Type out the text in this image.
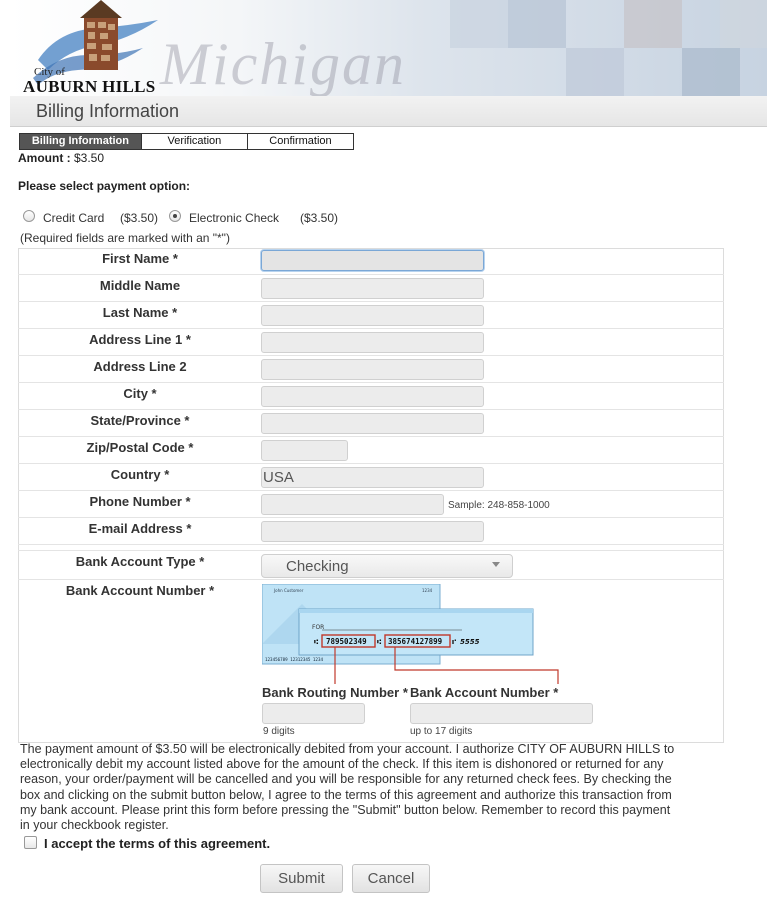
Michigan
City of
AUBURN HILLS
Billing Information
Billing Information	Verification	Confirmation
Amount : $3.50
Please select payment option:
Credit Card ($3.50)	Electronic Check ($3.50)
(Required fields are marked with an "*")
First Name *
Middle Name
Last Name *
Address Line 1 *
Address Line 2
City *
State/Province *
Zip/Postal Code *
Country *	USA
Phone Number *	Sample: 248-858-1000
E-mail Address *
Bank Account Type *	Checking
Bank Account Number *	John Customer	1234
123456789 12312345 1234
FOR
⑆ 789502349 ⑆ 385674127899 ⑈ 5555
Bank Routing Number * Bank Account Number *
9 digits	up to 17 digits
The payment amount of $3.50 will be electronically debited from your account. I authorize CITY OF AUBURN HILLS to electronically debit my account listed above for the amount of the check. If this item is dishonored or returned for any reason, your order/payment will be cancelled and you will be responsible for any returned check fees. By checking the box and clicking on the submit button below, I agree to the terms of this agreement and authorize this transaction from my bank account. Please print this form before pressing the "Submit" button below. Remember to record this payment in your checkbook register.
I accept the terms of this agreement.
Submit	Cancel
